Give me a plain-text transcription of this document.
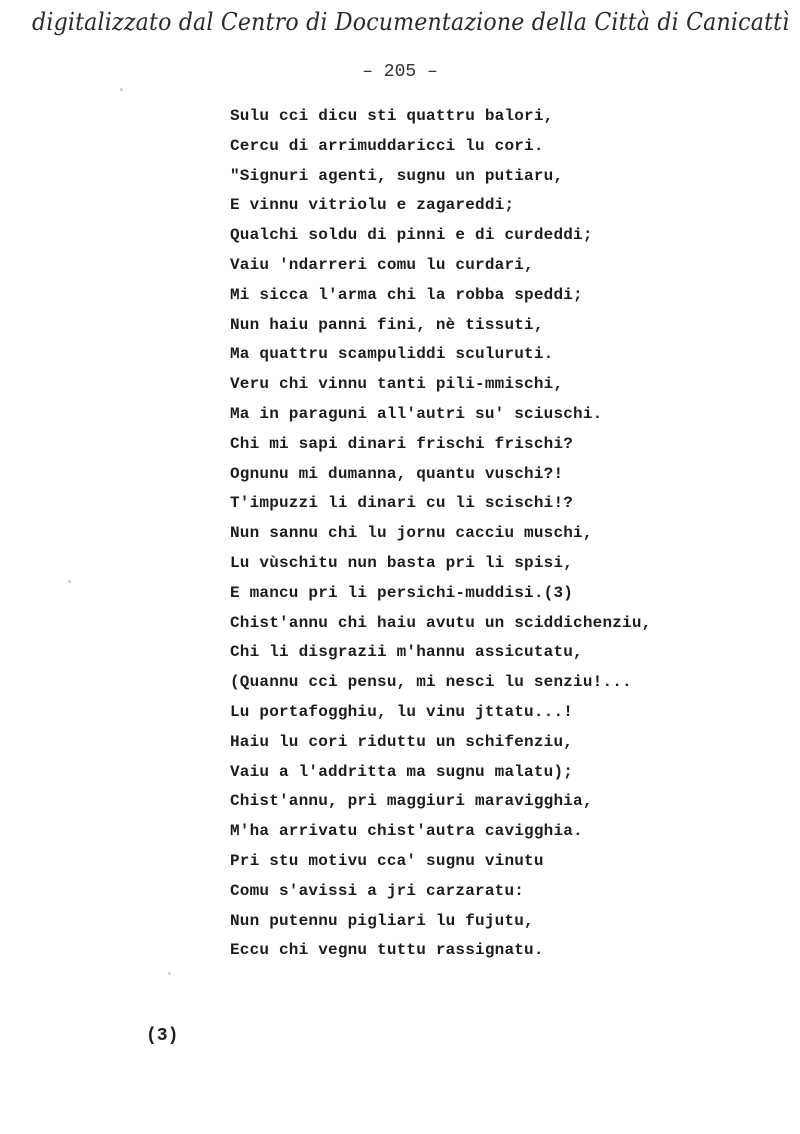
digitalizzato dal Centro di Documentazione della Città di Canicattì
– 205 –
Sulu cci dicu sti quattru balori,
Cercu di arrimuddaricci lu cori.
"Signuri agenti, sugnu un putiaru,
E vinnu vitriolu e zagareddi;
Qualchi soldu di pinni e di curdeddi;
Vaiu 'ndarreri comu lu curdari,
Mi sicca l'arma chi la robba speddi;
Nun haiu panni fini, nè tissuti,
Ma quattru scampuliddi sculuruti.
Veru chi vinnu tanti pili-mmischi,
Ma in paraguni all'autri su' sciuschi.
Chi mi sapi dinari frischi frischi?
Ognunu mi dumanna, quantu vuschi?!
T'impuzzi li dinari cu li scischi!?
Nun sannu chi lu jornu cacciu muschi,
Lu vùschitu nun basta pri li spisi,
E mancu pri li persichi-muddisi.(3)
Chist'annu chi haiu avutu un sciddichenziu,
Chi li disgrazii m'hannu assicutatu,
(Quannu cci pensu, mi nesci lu senziu!...
Lu portafogghiu, lu vinu jttatu...!
Haiu lu cori riduttu un schifenziu,
Vaiu a l'addritta ma sugnu malatu);
Chist'annu, pri maggiuri maravigghia,
M'ha arrivatu chist'autra cavigghia.
Pri stu motivu cca' sugnu vinutu
Comu s'avissi a jri carzaratu:
Nun putennu pigliari lu fujutu,
Eccu chi vegnu tuttu rassignatu.
(3)
